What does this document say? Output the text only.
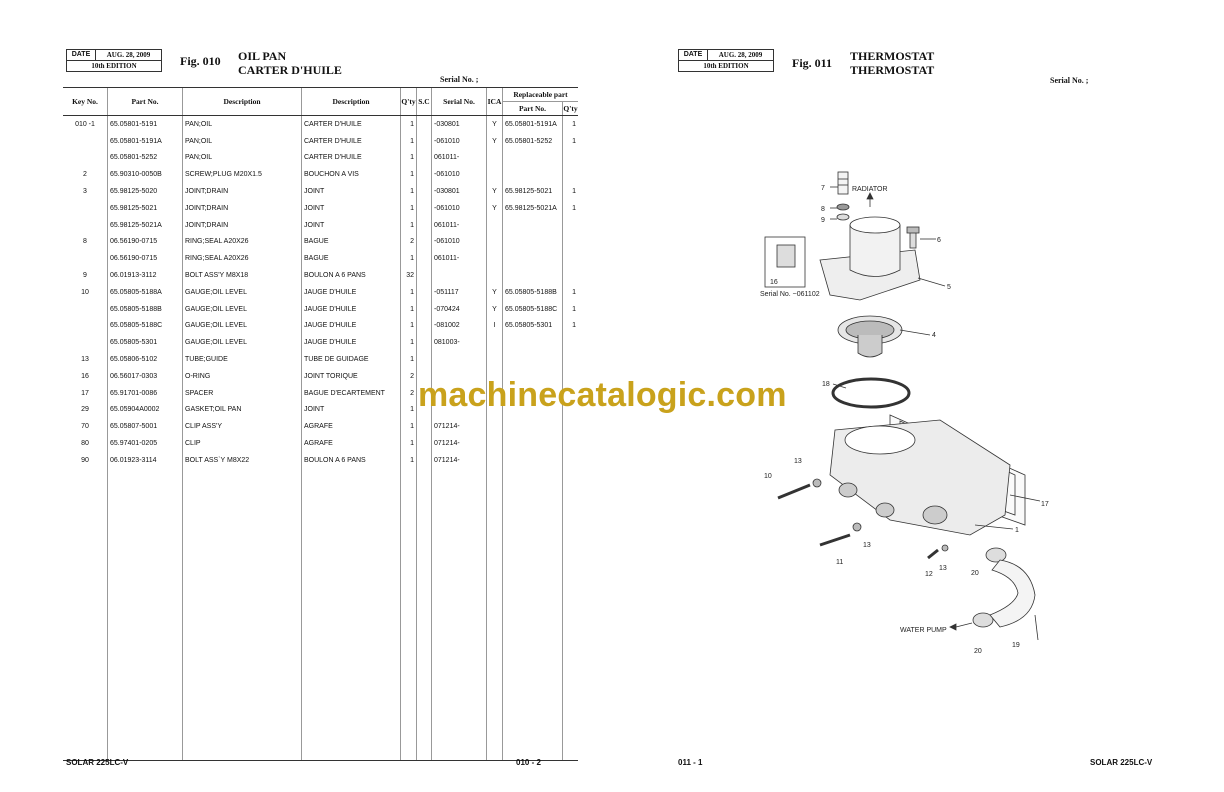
DATE	AUG. 28, 2009
10th EDITION	Fig. 010 OIL PAN
CARTER D'HUILE
Serial No. ;
Key No.	Part No.	Description	Description	Q'ty	S.C	Serial No.	ICA	Replaceable part	
								Part No.	Q'ty
010 -1	65.05801-5191	PAN;OIL	CARTER D'HUILE	1		-030801	Y	65.05801-5191A	1
	65.05801-5191A	PAN;OIL	CARTER D'HUILE	1		-061010	Y	65.05801-5252	1
	65.05801-5252	PAN;OIL	CARTER D'HUILE	1		061011-			
2	65.90310-0050B	SCREW;PLUG M20X1.5	BOUCHON A VIS	1		-061010			
3	65.98125-5020	JOINT;DRAIN	JOINT	1		-030801	Y	65.98125-5021	1
	65.98125-5021	JOINT;DRAIN	JOINT	1		-061010	Y	65.98125-5021A	1
	65.98125-5021A	JOINT;DRAIN	JOINT	1		061011-			
8	06.56190-0715	RING;SEAL A20X26	BAGUE	2		-061010			
	06.56190-0715	RING;SEAL A20X26	BAGUE	1		061011-			
9	06.01913-3112	BOLT ASS'Y M8X18	BOULON A 6 PANS	32					
10	65.05805-5188A	GAUGE;OIL LEVEL	JAUGE D'HUILE	1		-051117	Y	65.05805-5188B	1
	65.05805-5188B	GAUGE;OIL LEVEL	JAUGE D'HUILE	1		-070424	Y	65.05805-5188C	1
	65.05805-5188C	GAUGE;OIL LEVEL	JAUGE D'HUILE	1		-081002	I	65.05805-5301	1
	65.05805-5301	GAUGE;OIL LEVEL	JAUGE D'HUILE	1		081003-			
13	65.05806-5102	TUBE;GUIDE	TUBE DE GUIDAGE	1					
16	06.56017-0303	O-RING	JOINT TORIQUE	2					
17	65.91701-0086	SPACER	BAGUE D'ECARTEMENT	2					
29	65.05904A0002	GASKET;OIL PAN	JOINT	1					
70	65.05807-5001	CLIP ASS'Y	AGRAFE	1		071214-			
80	65.97401-0205	CLIP	AGRAFE	1		071214-			
90	06.01923-3114	BOLT ASS`Y M8X22	BOULON A 6 PANS	1		071214-			

SOLAR 225LC-V	010 - 2
DATE	AUG. 28, 2009
10th EDITION	Fig. 011 THERMOSTAT
THERMOSTAT
Serial No. ;
RADIATOR
WATER PUMP
Serial No. ~061102
1
4
5
6
7
8
9
10
11
12
13
13
13
16
17
18
19
20
20
011 - 1	SOLAR 225LC-V
machinecatalogic.com
